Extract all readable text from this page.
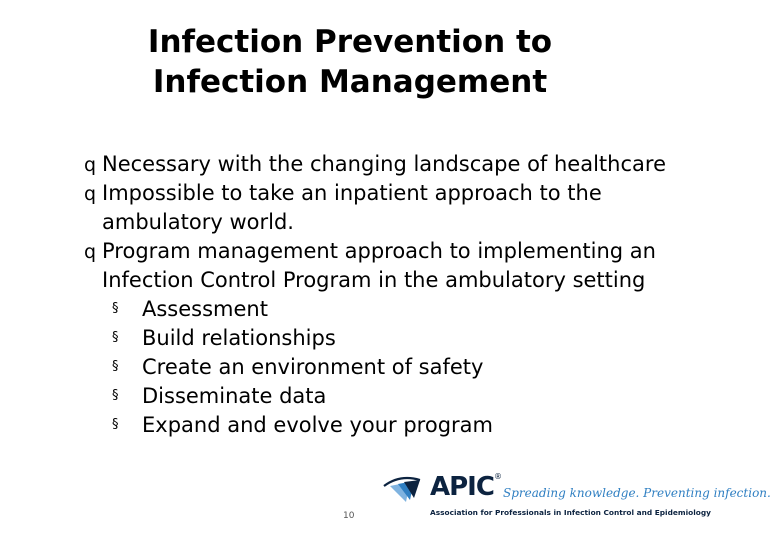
Infection Prevention to
Infection Management
q Necessary with the changing landscape of healthcare
q Impossible to take an inpatient approach to the
ambulatory world.
q Program management approach to implementing an
Infection Control Program in the ambulatory setting
§ Assessment
§ Build relationships
§ Create an environment of safety
§ Disseminate data
§ Expand and evolve your program
10
APIC®
Spreading knowledge. Preventing infection.
Association for Professionals in Infection Control and Epidemiology
